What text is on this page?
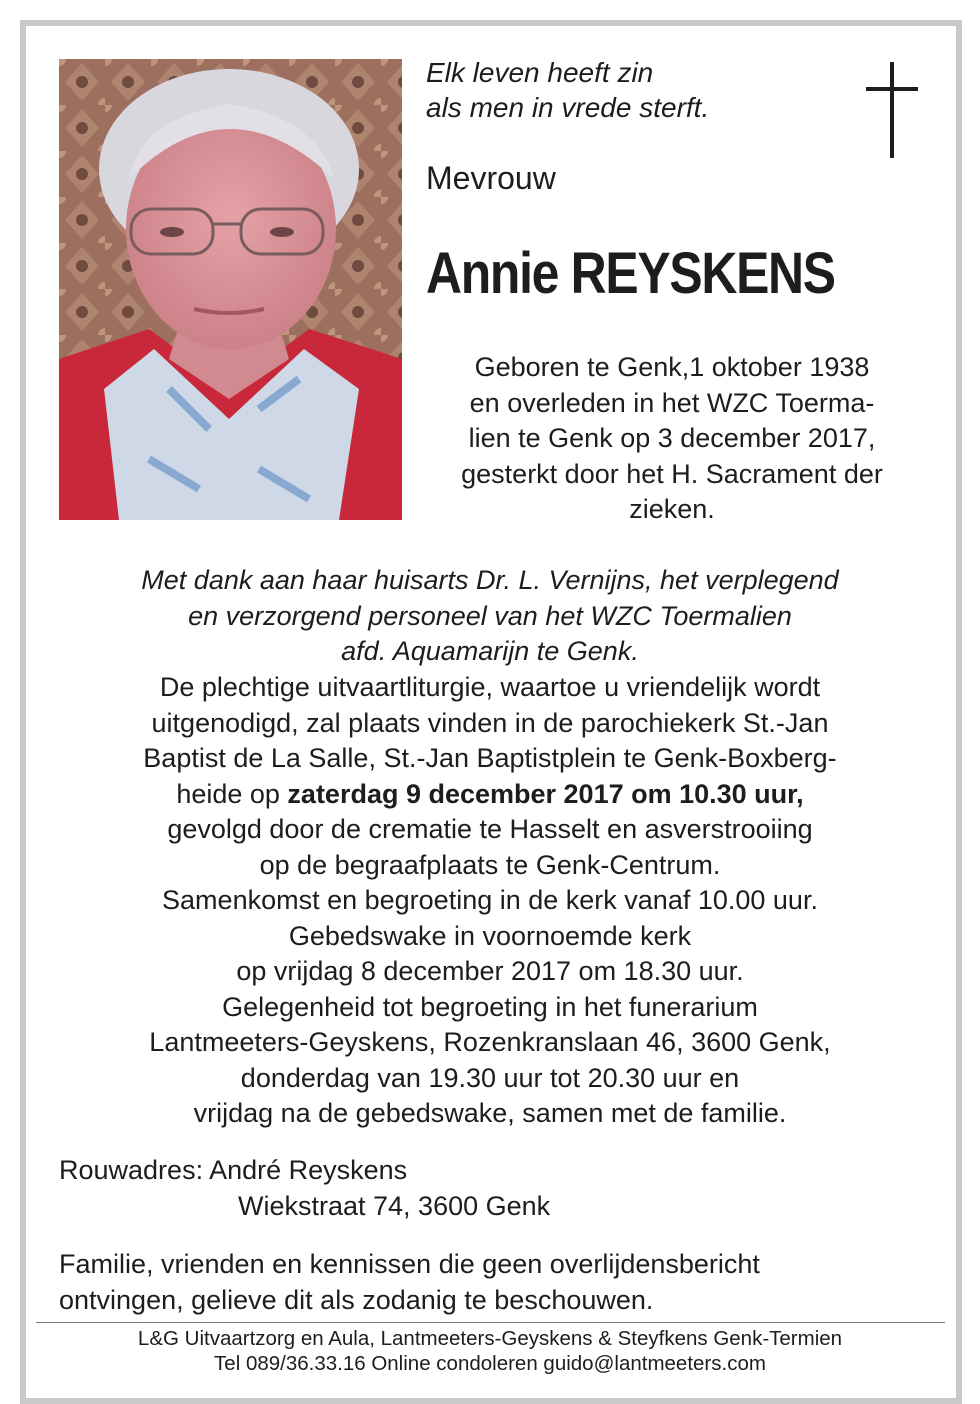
Elk leven heeft zin
als men in vrede sterft.
Mevrouw
Annie REYSKENS
Geboren te Genk,1 oktober 1938
en overleden in het WZC Toerma-
lien te Genk op 3 december 2017,
gesterkt door het H. Sacrament der
zieken.
Met dank aan haar huisarts Dr. L. Vernijns, het verplegend
en verzorgend personeel van het WZC Toermalien
afd. Aquamarijn te Genk.
De plechtige uitvaartliturgie, waartoe u vriendelijk wordt
uitgenodigd, zal plaats vinden in de parochiekerk St.-Jan
Baptist de La Salle, St.-Jan Baptistplein te Genk-Boxberg-
heide op zaterdag 9 december 2017 om 10.30 uur,
gevolgd door de crematie te Hasselt en asverstrooiing
op de begraafplaats te Genk-Centrum.
Samenkomst en begroeting in de kerk vanaf 10.00 uur.
Gebedswake in voornoemde kerk
op vrijdag 8 december 2017 om 18.30 uur.
Gelegenheid tot begroeting in het funerarium
Lantmeeters-Geyskens, Rozenkranslaan 46, 3600 Genk,
donderdag van 19.30 uur tot 20.30 uur en
vrijdag na de gebedswake, samen met de familie.
Rouwadres: André Reyskens
Wiekstraat 74, 3600 Genk
Familie, vrienden en kennissen die geen overlijdensbericht
ontvingen, gelieve dit als zodanig te beschouwen.
L&G Uitvaartzorg en Aula, Lantmeeters-Geyskens & Steyfkens Genk-Termien
Tel 089/36.33.16 Online condoleren guido@lantmeeters.com
